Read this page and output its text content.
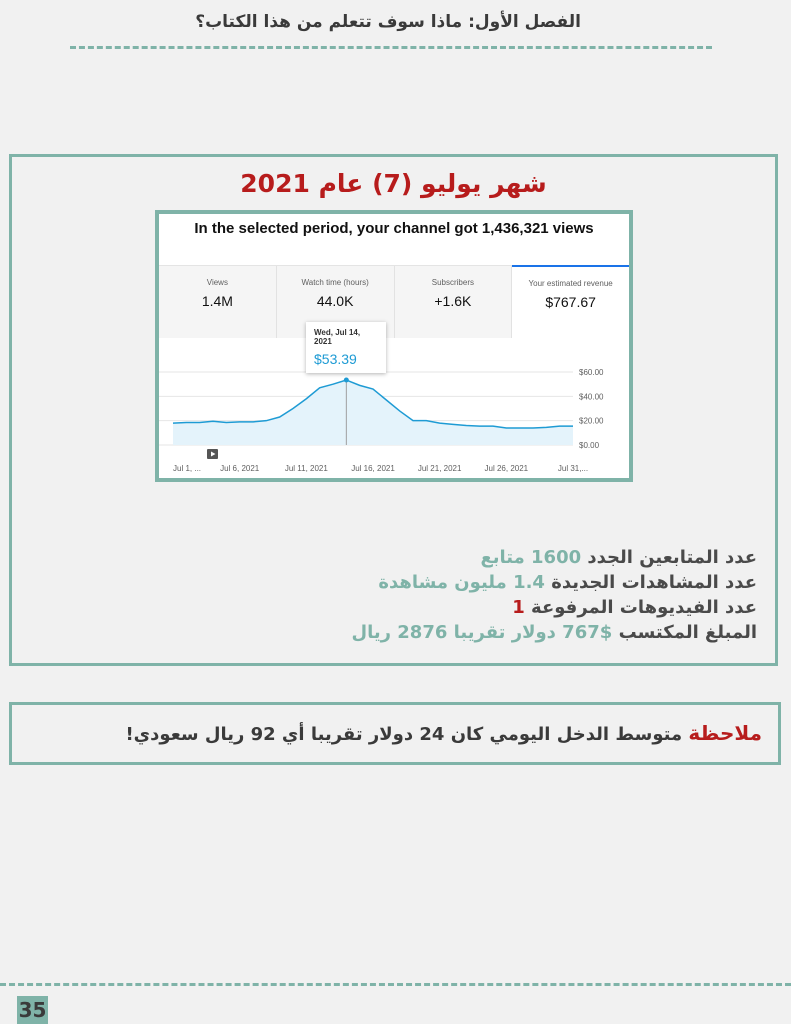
الفصل الأول: ماذا سوف تتعلم من هذا الكتاب؟
شهر يوليو (7) عام 2021
In the selected period, your channel got 1,436,321 views
Views
1.4M
Watch time (hours)
44.0K
Subscribers
+1.6K
Your estimated revenue
$767.67
$60.00
$40.00
$20.00
$0.00
Jul 1, ... Jul 6, 2021	Jul 11, 2021	Jul 16, 2021	Jul 21, 2021	Jul 26, 2021	Jul 31,...
Wed, Jul 14, 2021
$53.39
عدد المتابعين الجدد 1600 متابع
عدد المشاهدات الجديدة 1.4 مليون مشاهدة
عدد الفيديوهات المرفوعة 1
المبلغ المكتسب $767 دولار تقريبا 2876 ريال
ملاحظة متوسط الدخل اليومي كان 24 دولار تقريبا أي 92 ريال سعودي!
35
